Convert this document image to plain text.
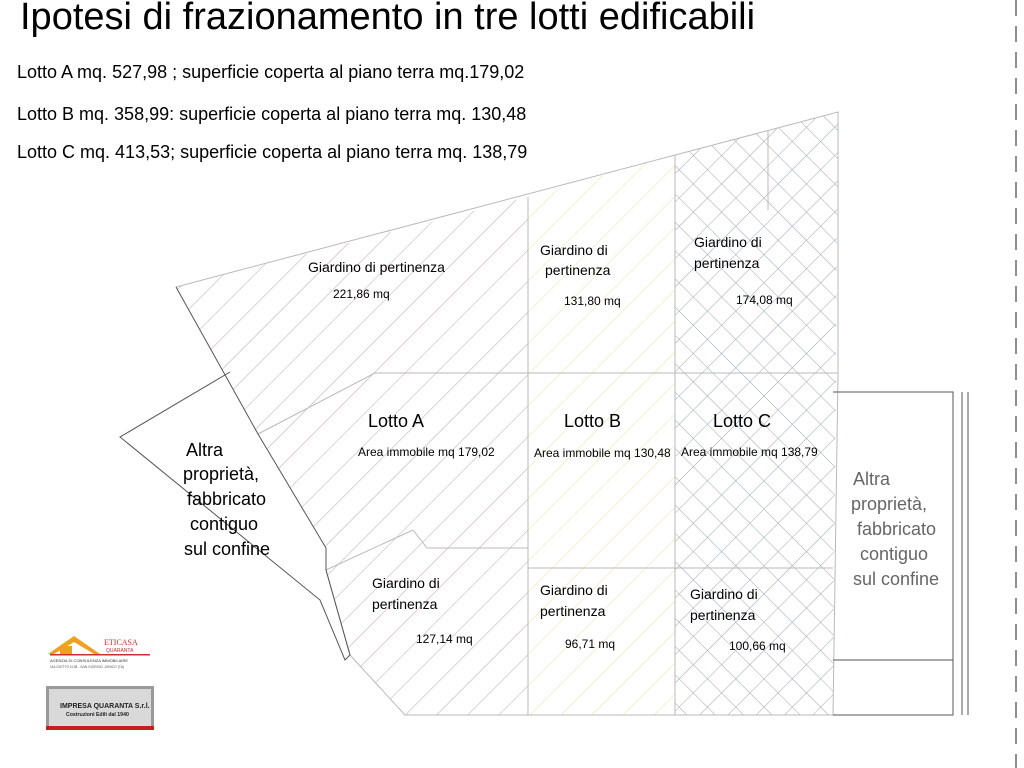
Ipotesi di frazionamento in tre lotti edificabili
Lotto A mq. 527,98 ; superficie coperta al piano terra mq.179,02
Lotto B mq. 358,99: superficie coperta al piano terra mq. 130,48
Lotto C mq. 413,53; superficie coperta al piano terra mq. 138,79
Giardino di pertinenza
221,86 mq
Giardino di
pertinenza
131,80 mq
Giardino di
pertinenza
174,08 mq
Lotto A
Area immobile mq 179,02
Lotto B
Area immobile mq 130,48
Lotto C
Area immobile mq 138,79
Giardino di
pertinenza
127,14 mq
Giardino di
pertinenza
96,71 mq
Giardino di
pertinenza
100,66 mq
Altra
proprietà,
fabbricato
contiguo
sul confine
Altra
proprietà,
fabbricato
contiguo
sul confine
ETICASA
QUARANTA
AGENZIA DI CONSULENZA IMMOBILIARE
VIA GIOTTO N.38 - SAN GIORGIO JONICO (TA)
IMPRESA QUARANTA S.r.l.
Costruzioni Edili dal 1940
